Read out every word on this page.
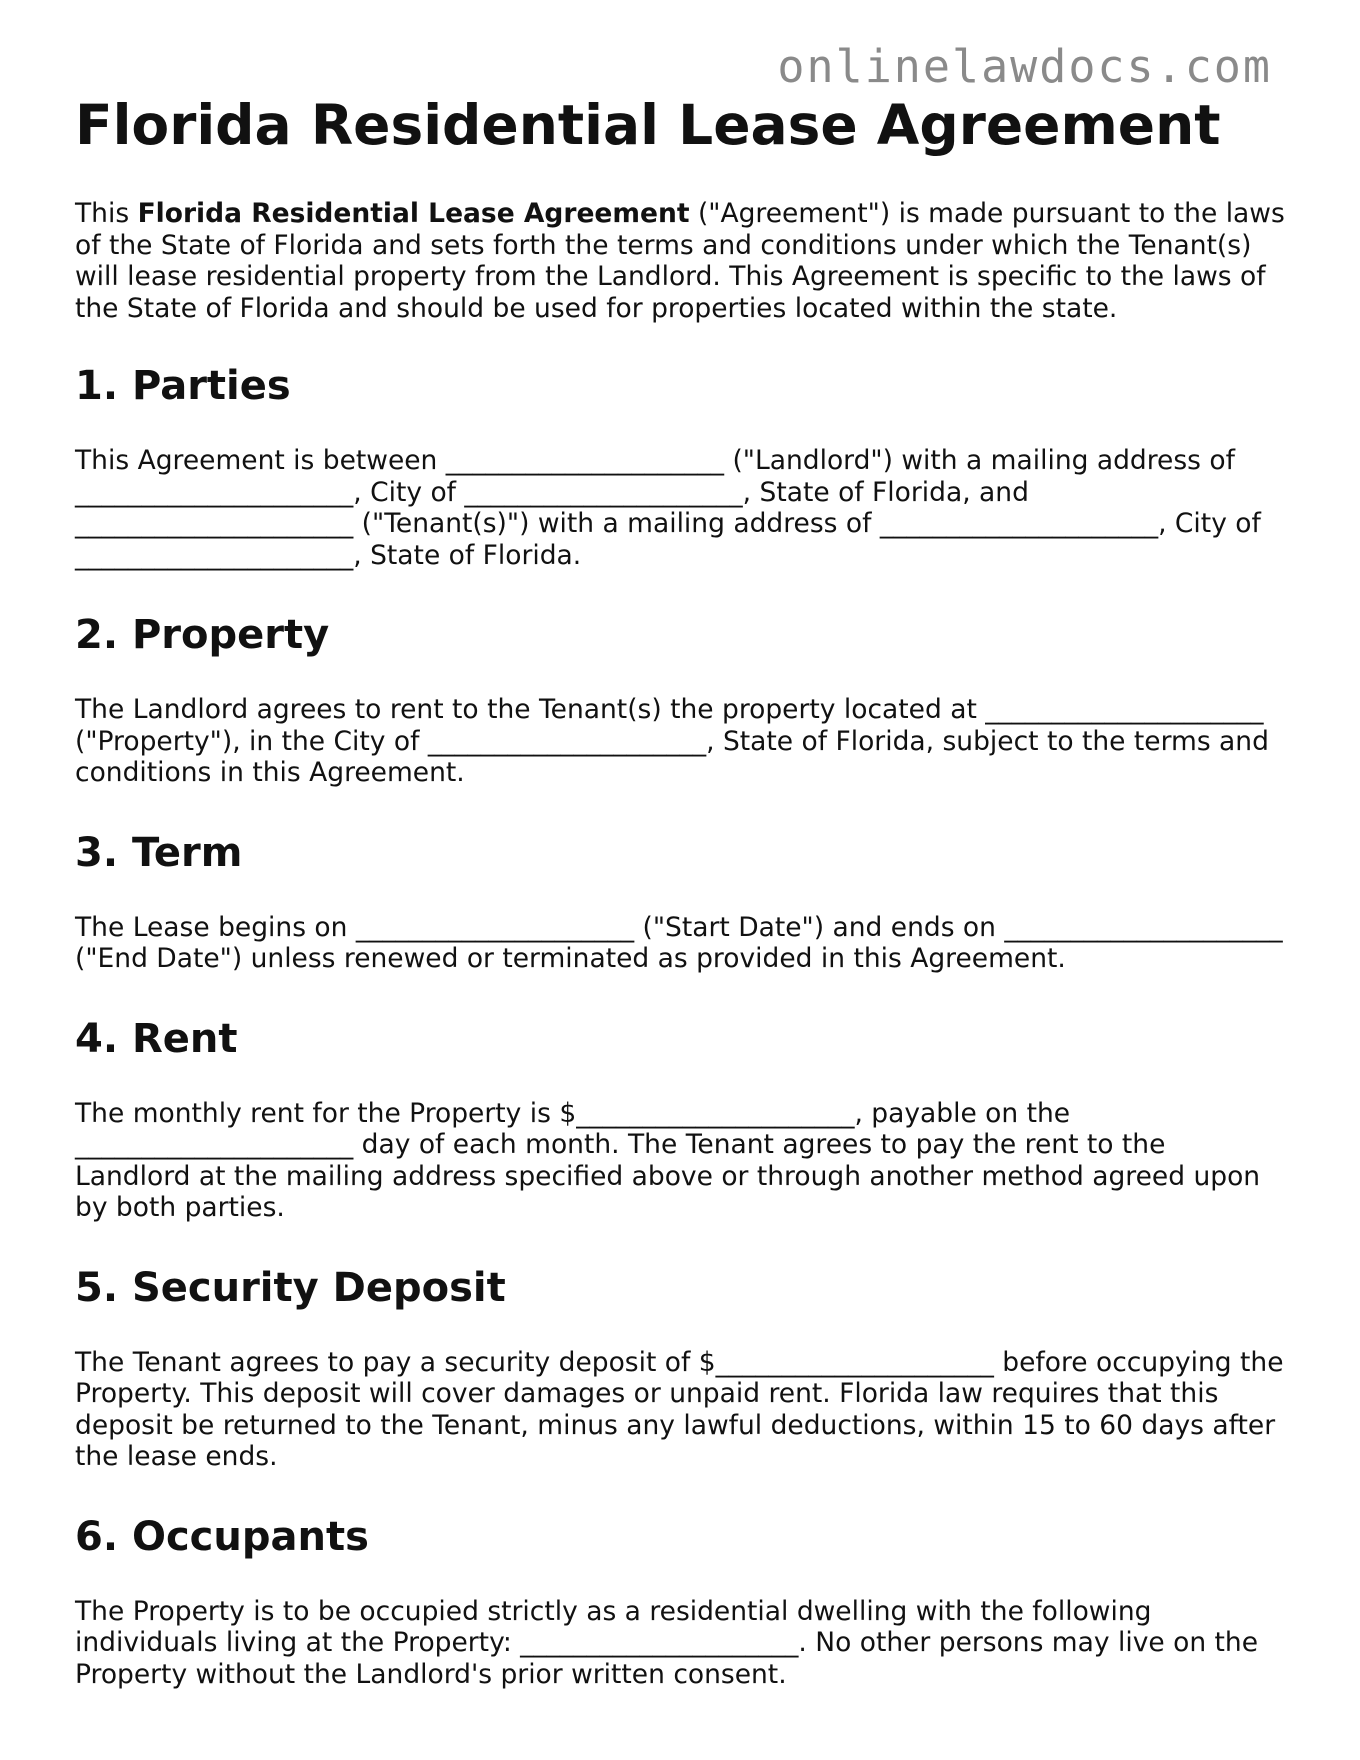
onlinelawdocs.com
Florida Residential Lease Agreement

This Florida Residential Lease Agreement ("Agreement") is made pursuant to the laws of the State of Florida and sets forth the terms and conditions under which the Tenant(s) will lease residential property from the Landlord. This Agreement is specific to the laws of the State of Florida and should be used for properties located within the state.

1. Parties

This Agreement is between _____________________ ("Landlord") with a mailing address of _____________________, City of _____________________, State of Florida, and _____________________ ("Tenant(s)") with a mailing address of _____________________, City of _____________________, State of Florida.

2. Property

The Landlord agrees to rent to the Tenant(s) the property located at _____________________ ("Property"), in the City of _____________________, State of Florida, subject to the terms and conditions in this Agreement.

3. Term

The Lease begins on _____________________ ("Start Date") and ends on _____________________ ("End Date") unless renewed or terminated as provided in this Agreement.

4. Rent

The monthly rent for the Property is $_____________________, payable on the _____________________ day of each month. The Tenant agrees to pay the rent to the Landlord at the mailing address specified above or through another method agreed upon by both parties.

5. Security Deposit

The Tenant agrees to pay a security deposit of $_____________________ before occupying the Property. This deposit will cover damages or unpaid rent. Florida law requires that this deposit be returned to the Tenant, minus any lawful deductions, within 15 to 60 days after the lease ends.

6. Occupants

The Property is to be occupied strictly as a residential dwelling with the following individuals living at the Property: _____________________. No other persons may live on the Property without the Landlord's prior written consent.
